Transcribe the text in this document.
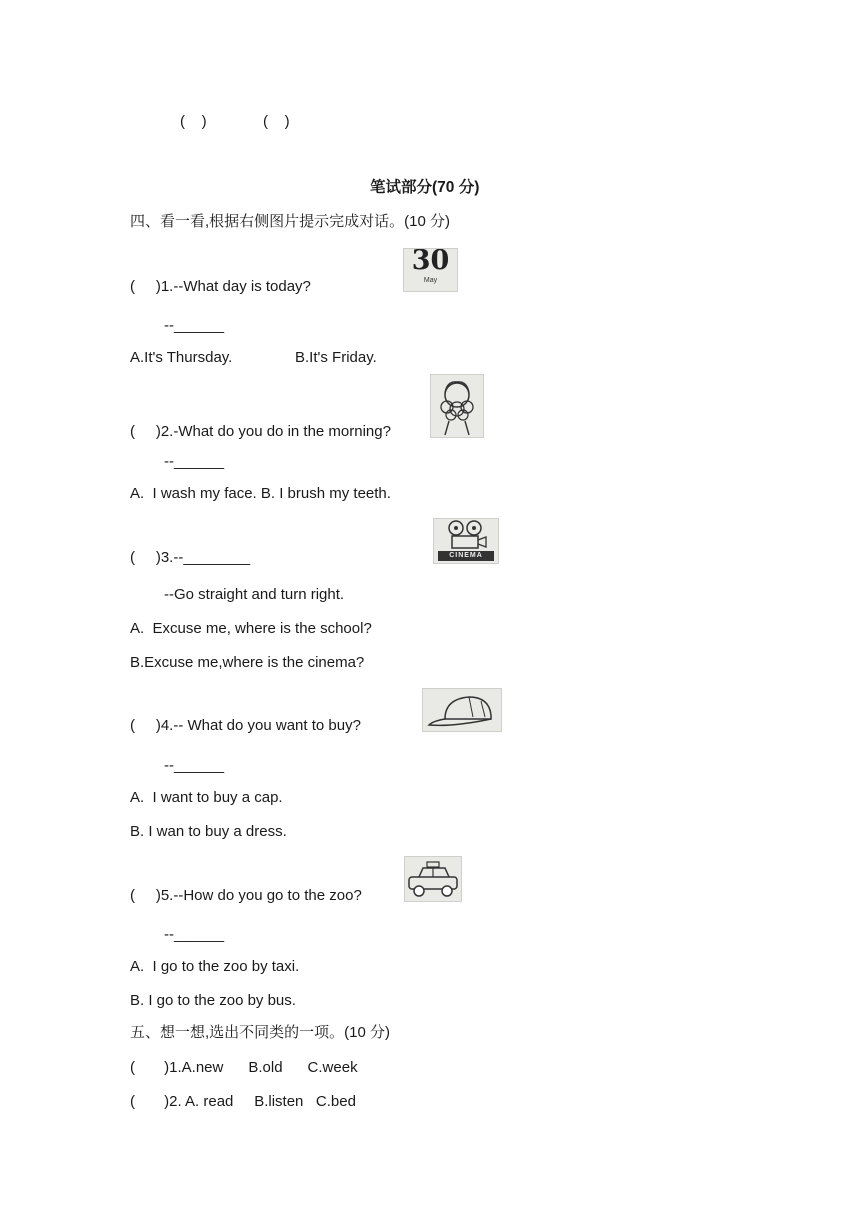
(    )	(    )
笔试部分(70 分)
四、看一看,根据右侧图片提示完成对话。(10 分)
30
May
(     )1.--What day is today?
--______
A.It's Thursday.	B.It's Friday.
(     )2.-What do you do in the morning?
--______
A.  I wash my face. B. I brush my teeth.
CINEMA
(     )3.--________
--Go straight and turn right.
A.  Excuse me, where is the school?
B.Excuse me,where is the cinema?
(     )4.-- What do you want to buy?
--______
A.  I want to buy a cap.
B. I wan to buy a dress.
(     )5.--How do you go to the zoo?
--______
A.  I go to the zoo by taxi.
B. I go to the zoo by bus.
五、想一想,选出不同类的一项。(10 分)
(       )1.A.new      B.old      C.week
(       )2. A. read     B.listen   C.bed
